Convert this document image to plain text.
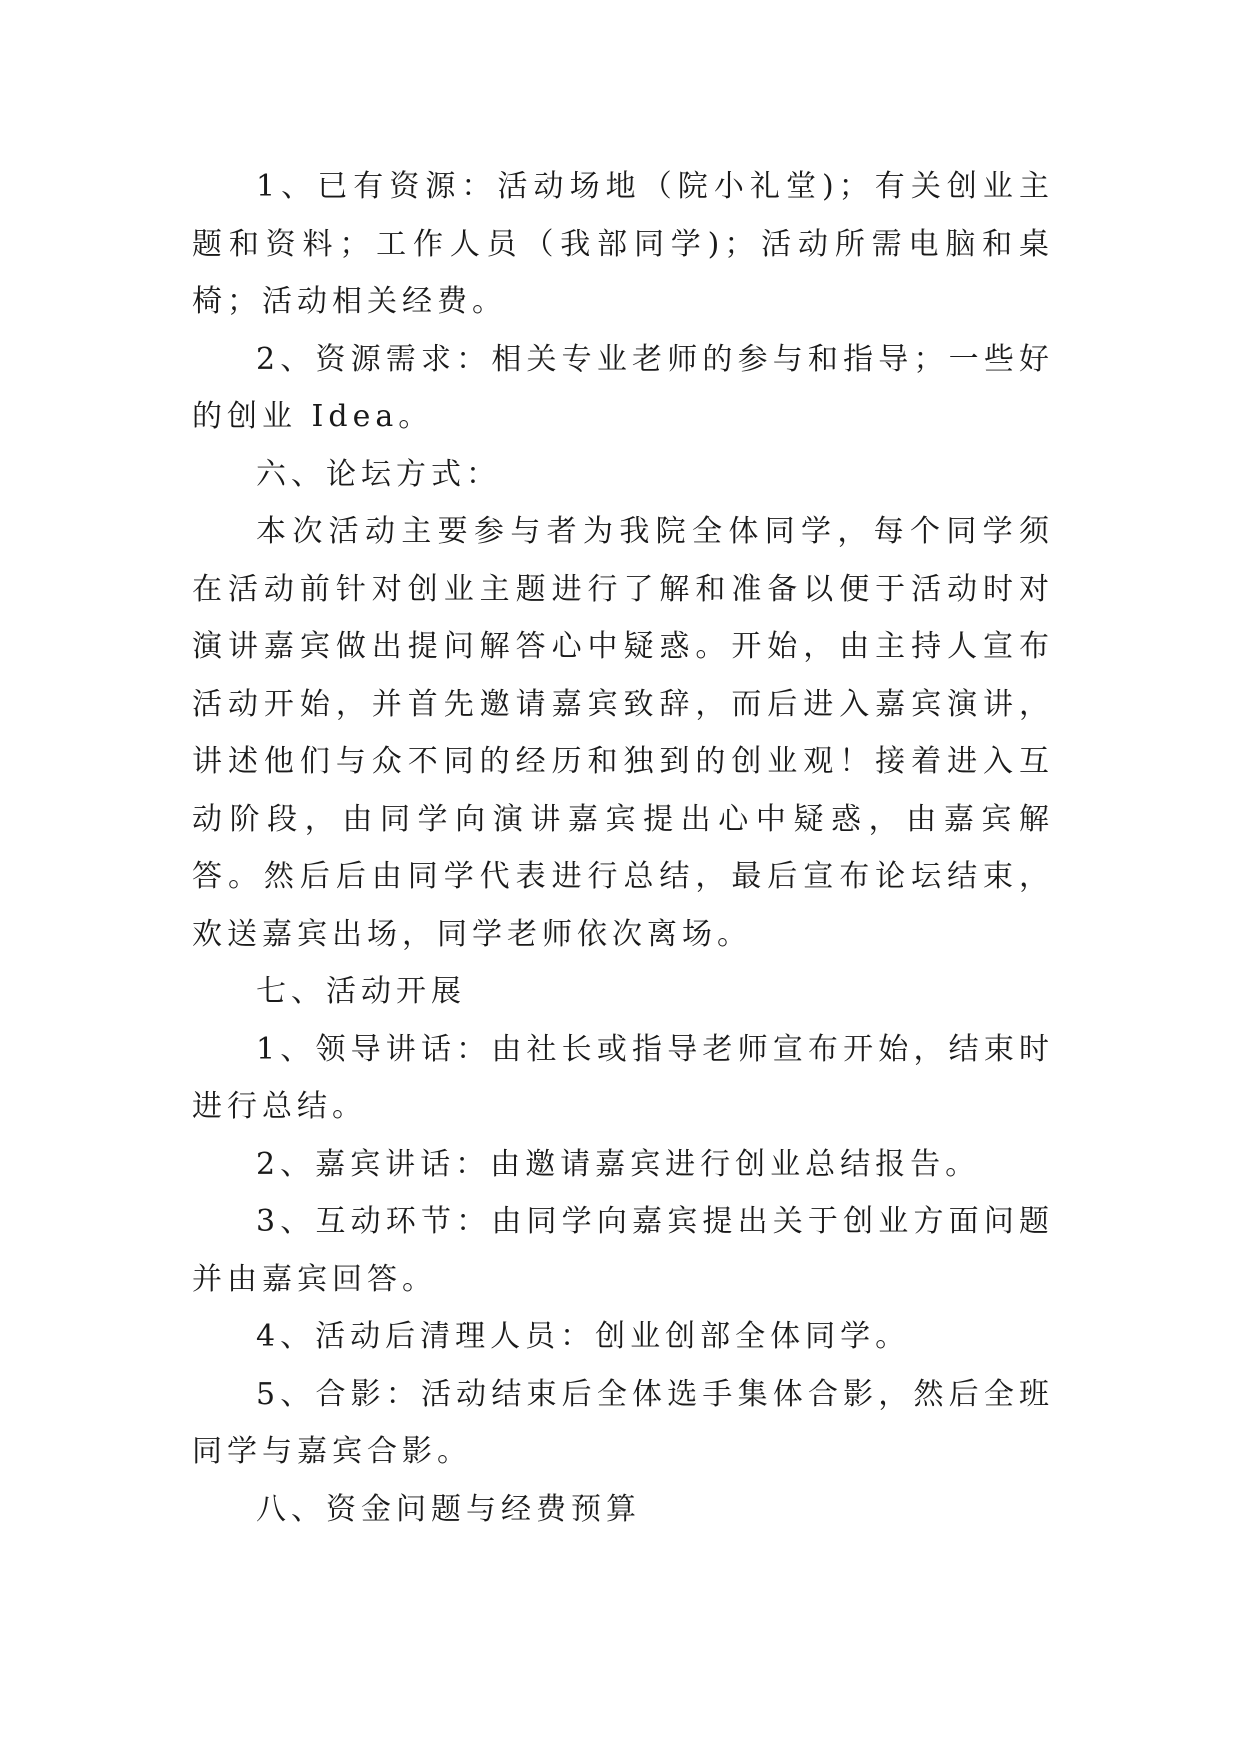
1、已有资源：活动场地（院小礼堂)；有关创业主题和资料；工作人员（我部同学)；活动所需电脑和桌椅；活动相关经费。

2、资源需求：相关专业老师的参与和指导；一些好的创业 Idea。

六、论坛方式：

本次活动主要参与者为我院全体同学，每个同学须在活动前针对创业主题进行了解和准备以便于活动时对演讲嘉宾做出提问解答心中疑惑。开始，由主持人宣布活动开始，并首先邀请嘉宾致辞，而后进入嘉宾演讲，讲述他们与众不同的经历和独到的创业观！接着进入互动阶段，由同学向演讲嘉宾提出心中疑惑，由嘉宾解答。然后后由同学代表进行总结，最后宣布论坛结束，欢送嘉宾出场，同学老师依次离场。

七、活动开展

1、领导讲话：由社长或指导老师宣布开始，结束时进行总结。

2、嘉宾讲话：由邀请嘉宾进行创业总结报告。

3、互动环节：由同学向嘉宾提出关于创业方面问题并由嘉宾回答。

4、活动后清理人员：创业创部全体同学。

5、合影：活动结束后全体选手集体合影，然后全班同学与嘉宾合影。

八、资金问题与经费预算
